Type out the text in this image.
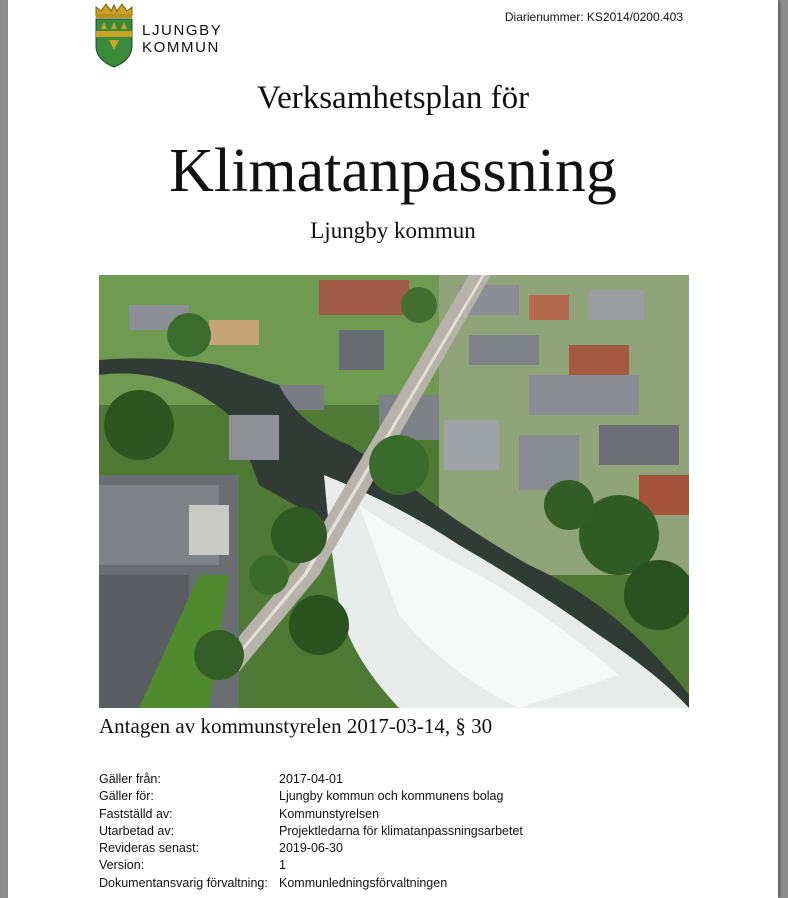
LJUNGBY
KOMMUN
Diarienummer: KS2014/0200.403
Verksamhetsplan för
Klimatanpassning
Ljungby kommun
Antagen av kommunstyrelen 2017-03-14, § 30
Gäller från:	2017-04-01
Gäller för:	Ljungby kommun och kommunens bolag
Fastställd av:	Kommunstyrelsen
Utarbetad av:	Projektledarna för klimatanpassningsarbetet
Revideras senast:	2019-06-30
Version:	1
Dokumentansvarig förvaltning: Kommunledningsförvaltningen
